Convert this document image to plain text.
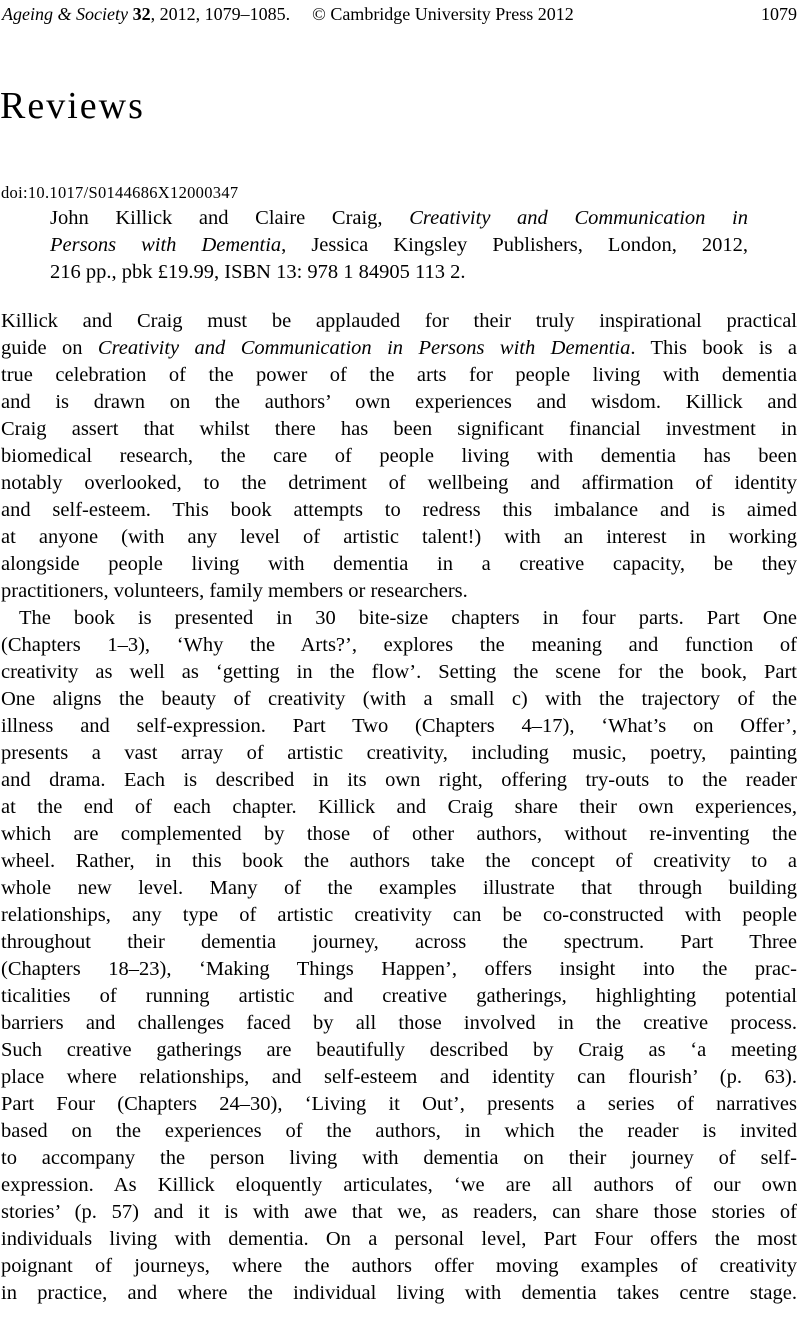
Ageing & Society 32, 2012, 1079–1085. © Cambridge University Press 2012	1079
Reviews
doi:10.1017/S0144686X12000347
John Killick and Claire Craig, Creativity and Communication in
Persons with Dementia, Jessica Kingsley Publishers, London, 2012,
216 pp., pbk £19.99, ISBN 13: 978 1 84905 113 2.
Killick and Craig must be applauded for their truly inspirational practical
guide on Creativity and Communication in Persons with Dementia. This book is a
true celebration of the power of the arts for people living with dementia
and is drawn on the authors’ own experiences and wisdom. Killick and
Craig assert that whilst there has been significant financial investment in
biomedical research, the care of people living with dementia has been
notably overlooked, to the detriment of wellbeing and affirmation of identity
and self-esteem. This book attempts to redress this imbalance and is aimed
at anyone (with any level of artistic talent!) with an interest in working
alongside people living with dementia in a creative capacity, be they
practitioners, volunteers, family members or researchers.
The book is presented in 30 bite-size chapters in four parts. Part One
(Chapters 1–3), ‘Why the Arts?’, explores the meaning and function of
creativity as well as ‘getting in the flow’. Setting the scene for the book, Part
One aligns the beauty of creativity (with a small c) with the trajectory of the
illness and self-expression. Part Two (Chapters 4–17), ‘What’s on Offer’,
presents a vast array of artistic creativity, including music, poetry, painting
and drama. Each is described in its own right, offering try-outs to the reader
at the end of each chapter. Killick and Craig share their own experiences,
which are complemented by those of other authors, without re-inventing the
wheel. Rather, in this book the authors take the concept of creativity to a
whole new level. Many of the examples illustrate that through building
relationships, any type of artistic creativity can be co-constructed with people
throughout their dementia journey, across the spectrum. Part Three
(Chapters 18–23), ‘Making Things Happen’, offers insight into the prac-
ticalities of running artistic and creative gatherings, highlighting potential
barriers and challenges faced by all those involved in the creative process.
Such creative gatherings are beautifully described by Craig as ‘a meeting
place where relationships, and self-esteem and identity can flourish’ (p. 63).
Part Four (Chapters 24–30), ‘Living it Out’, presents a series of narratives
based on the experiences of the authors, in which the reader is invited
to accompany the person living with dementia on their journey of self-
expression. As Killick eloquently articulates, ‘we are all authors of our own
stories’ (p. 57) and it is with awe that we, as readers, can share those stories of
individuals living with dementia. On a personal level, Part Four offers the most
poignant of journeys, where the authors offer moving examples of creativity
in practice, and where the individual living with dementia takes centre stage.
